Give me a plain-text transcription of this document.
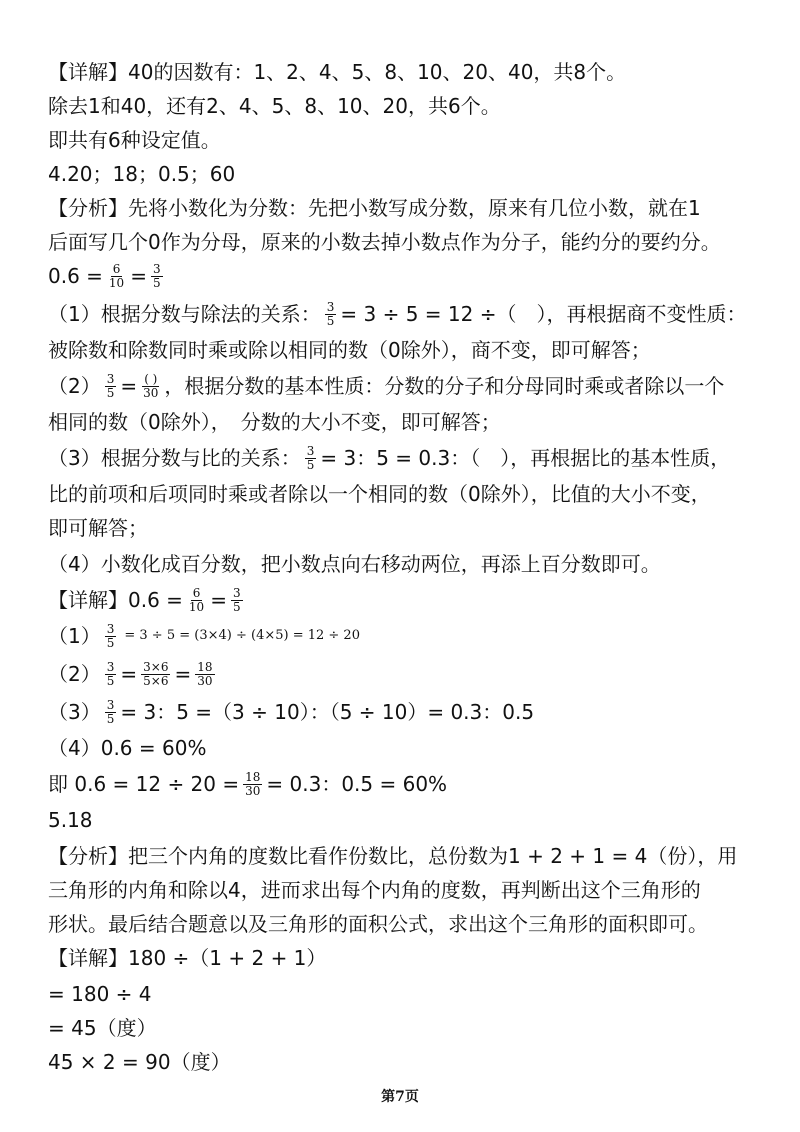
【详解】40的因数有：1、2、4、5、8、10、20、40，共8个。
除去1和40，还有2、4、5、8、10、20，共6个。
即共有6种设定值。
4.20；18；0.5；60
【分析】先将小数化为分数：先把小数写成分数，原来有几位小数，就在1
后面写几个0作为分母，原来的小数去掉小数点作为分子，能约分的要约分。
$0.6 = \frac{6}{10} = \frac{3}{5}$
（1）根据分数与除法的关系： $\frac{3}{5} = 3 \div 5 = 12$ ÷（　），再根据商不变性质：
被除数和除数同时乘或除以相同的数（0除外），商不变，即可解答；
$(2) \frac{3}{5} = \frac{( )}{30}$ ，根据分数的基本性质：分数的分子和分母同时乘或者除以一个
相同的数（0除外），　分数的大小不变，即可解答；
（3）根据分数与比的关系： $\frac{3}{5} = 3$：5 = 0.3：（　），再根据比的基本性质，
比的前项和后项同时乘或者除以一个相同的数（0除外），比值的大小不变，
即可解答；
（4）小数化成百分数，把小数点向右移动两位，再添上百分数即可。
【详解】$0.6 = \frac{6}{10} = \frac{3}{5}$
$(1) \frac{3}{5} = 3 \div 5 = (3\times 4) \div (4\times 5) = 12 \div 20$
$(2) \frac{3}{5} = \frac{3\times 6}{5\times 6} = \frac{18}{30}$
$(3) \frac{3}{5} = 3$：5 =（3 ÷ 10）：（5 ÷ 10）= 0.3：0.5
（4）0.6 = 60%
即 $0.6 = 12 \div 20 = \frac{18}{30} = 0.3$：0.5 = 60%
5.18
【分析】把三个内角的度数比看作份数比，总份数为1 + 2 + 1 = 4（份），用
三角形的内角和除以4，进而求出每个内角的度数，再判断出这个三角形的
形状。最后结合题意以及三角形的面积公式，求出这个三角形的面积即可。
【详解】180 ÷（1 + 2 + 1）
= 180 ÷ 4
= 45（度）
45 × 2 = 90（度）
第7页
